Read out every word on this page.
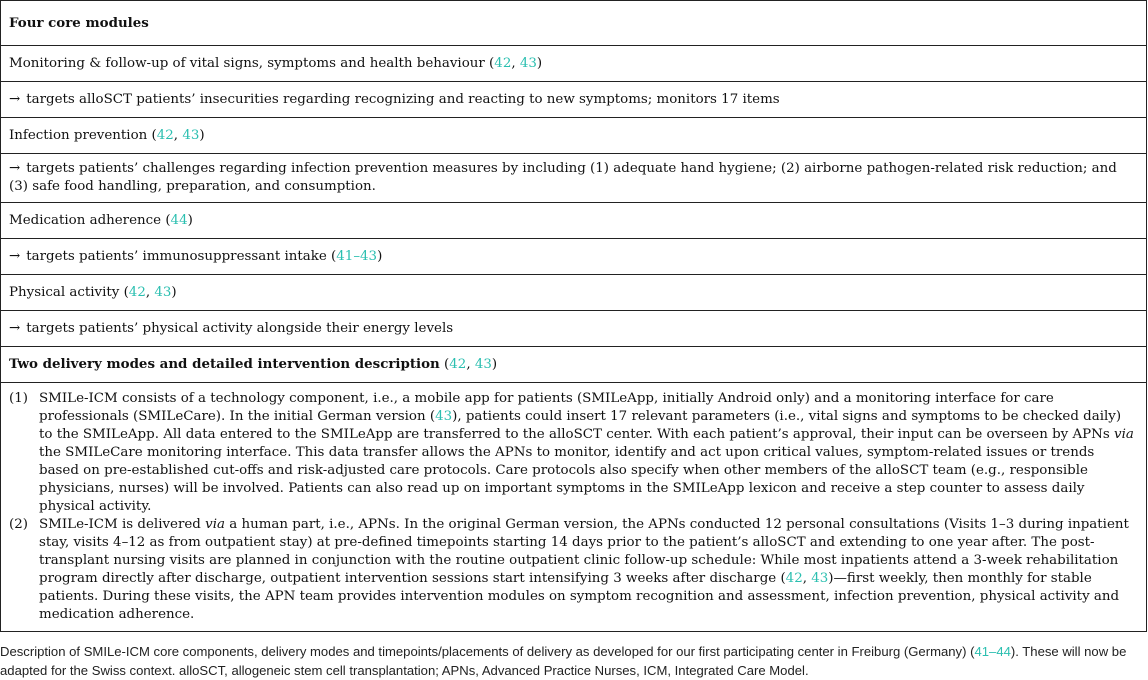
Four core modules
Monitoring & follow-up of vital signs, symptoms and health behaviour (42, 43)
→ targets alloSCT patients’ insecurities regarding recognizing and reacting to new symptoms; monitors 17 items
Infection prevention (42, 43)
→ targets patients’ challenges regarding infection prevention measures by including (1) adequate hand hygiene; (2) airborne pathogen-related risk reduction; and (3) safe food handling, preparation, and consumption.
Medication adherence (44)
→ targets patients’ immunosuppressant intake (41–43)
Physical activity (42, 43)
→ targets patients’ physical activity alongside their energy levels
Two delivery modes and detailed intervention description (42, 43)

(1) SMILe-ICM consists of a technology component, i.e., a mobile app for patients (SMILeApp, initially Android only) and a monitoring interface for care professionals (SMILeCare). In the initial German version (43), patients could insert 17 relevant parameters (i.e., vital signs and symptoms to be checked daily) to the SMILeApp. All data entered to the SMILeApp are transferred to the alloSCT center. With each patient’s approval, their input can be overseen by APNs via the SMILeCare monitoring interface. This data transfer allows the APNs to monitor, identify and act upon critical values, symptom-related issues or trends based on pre-established cut-offs and risk-adjusted care protocols. Care protocols also specify when other members of the alloSCT team (e.g., responsible physicians, nurses) will be involved. Patients can also read up on important symptoms in the SMILeApp lexicon and receive a step counter to assess daily physical activity.
(2) SMILe-ICM is delivered via a human part, i.e., APNs. In the original German version, the APNs conducted 12 personal consultations (Visits 1–3 during inpatient stay, visits 4–12 as from outpatient stay) at pre-defined timepoints starting 14 days prior to the patient’s alloSCT and extending to one year after. The post-transplant nursing visits are planned in conjunction with the routine outpatient clinic follow-up schedule: While most inpatients attend a 3-week rehabilitation program directly after discharge, outpatient intervention sessions start intensifying 3 weeks after discharge (42, 43)—first weekly, then monthly for stable patients. During these visits, the APN team provides intervention modules on symptom recognition and assessment, infection prevention, physical activity and medication adherence.
Description of SMILe-ICM core components, delivery modes and timepoints/placements of delivery as developed for our first participating center in Freiburg (Germany) (41–44). These will now be adapted for the Swiss context. alloSCT, allogeneic stem cell transplantation; APNs, Advanced Practice Nurses, ICM, Integrated Care Model.
